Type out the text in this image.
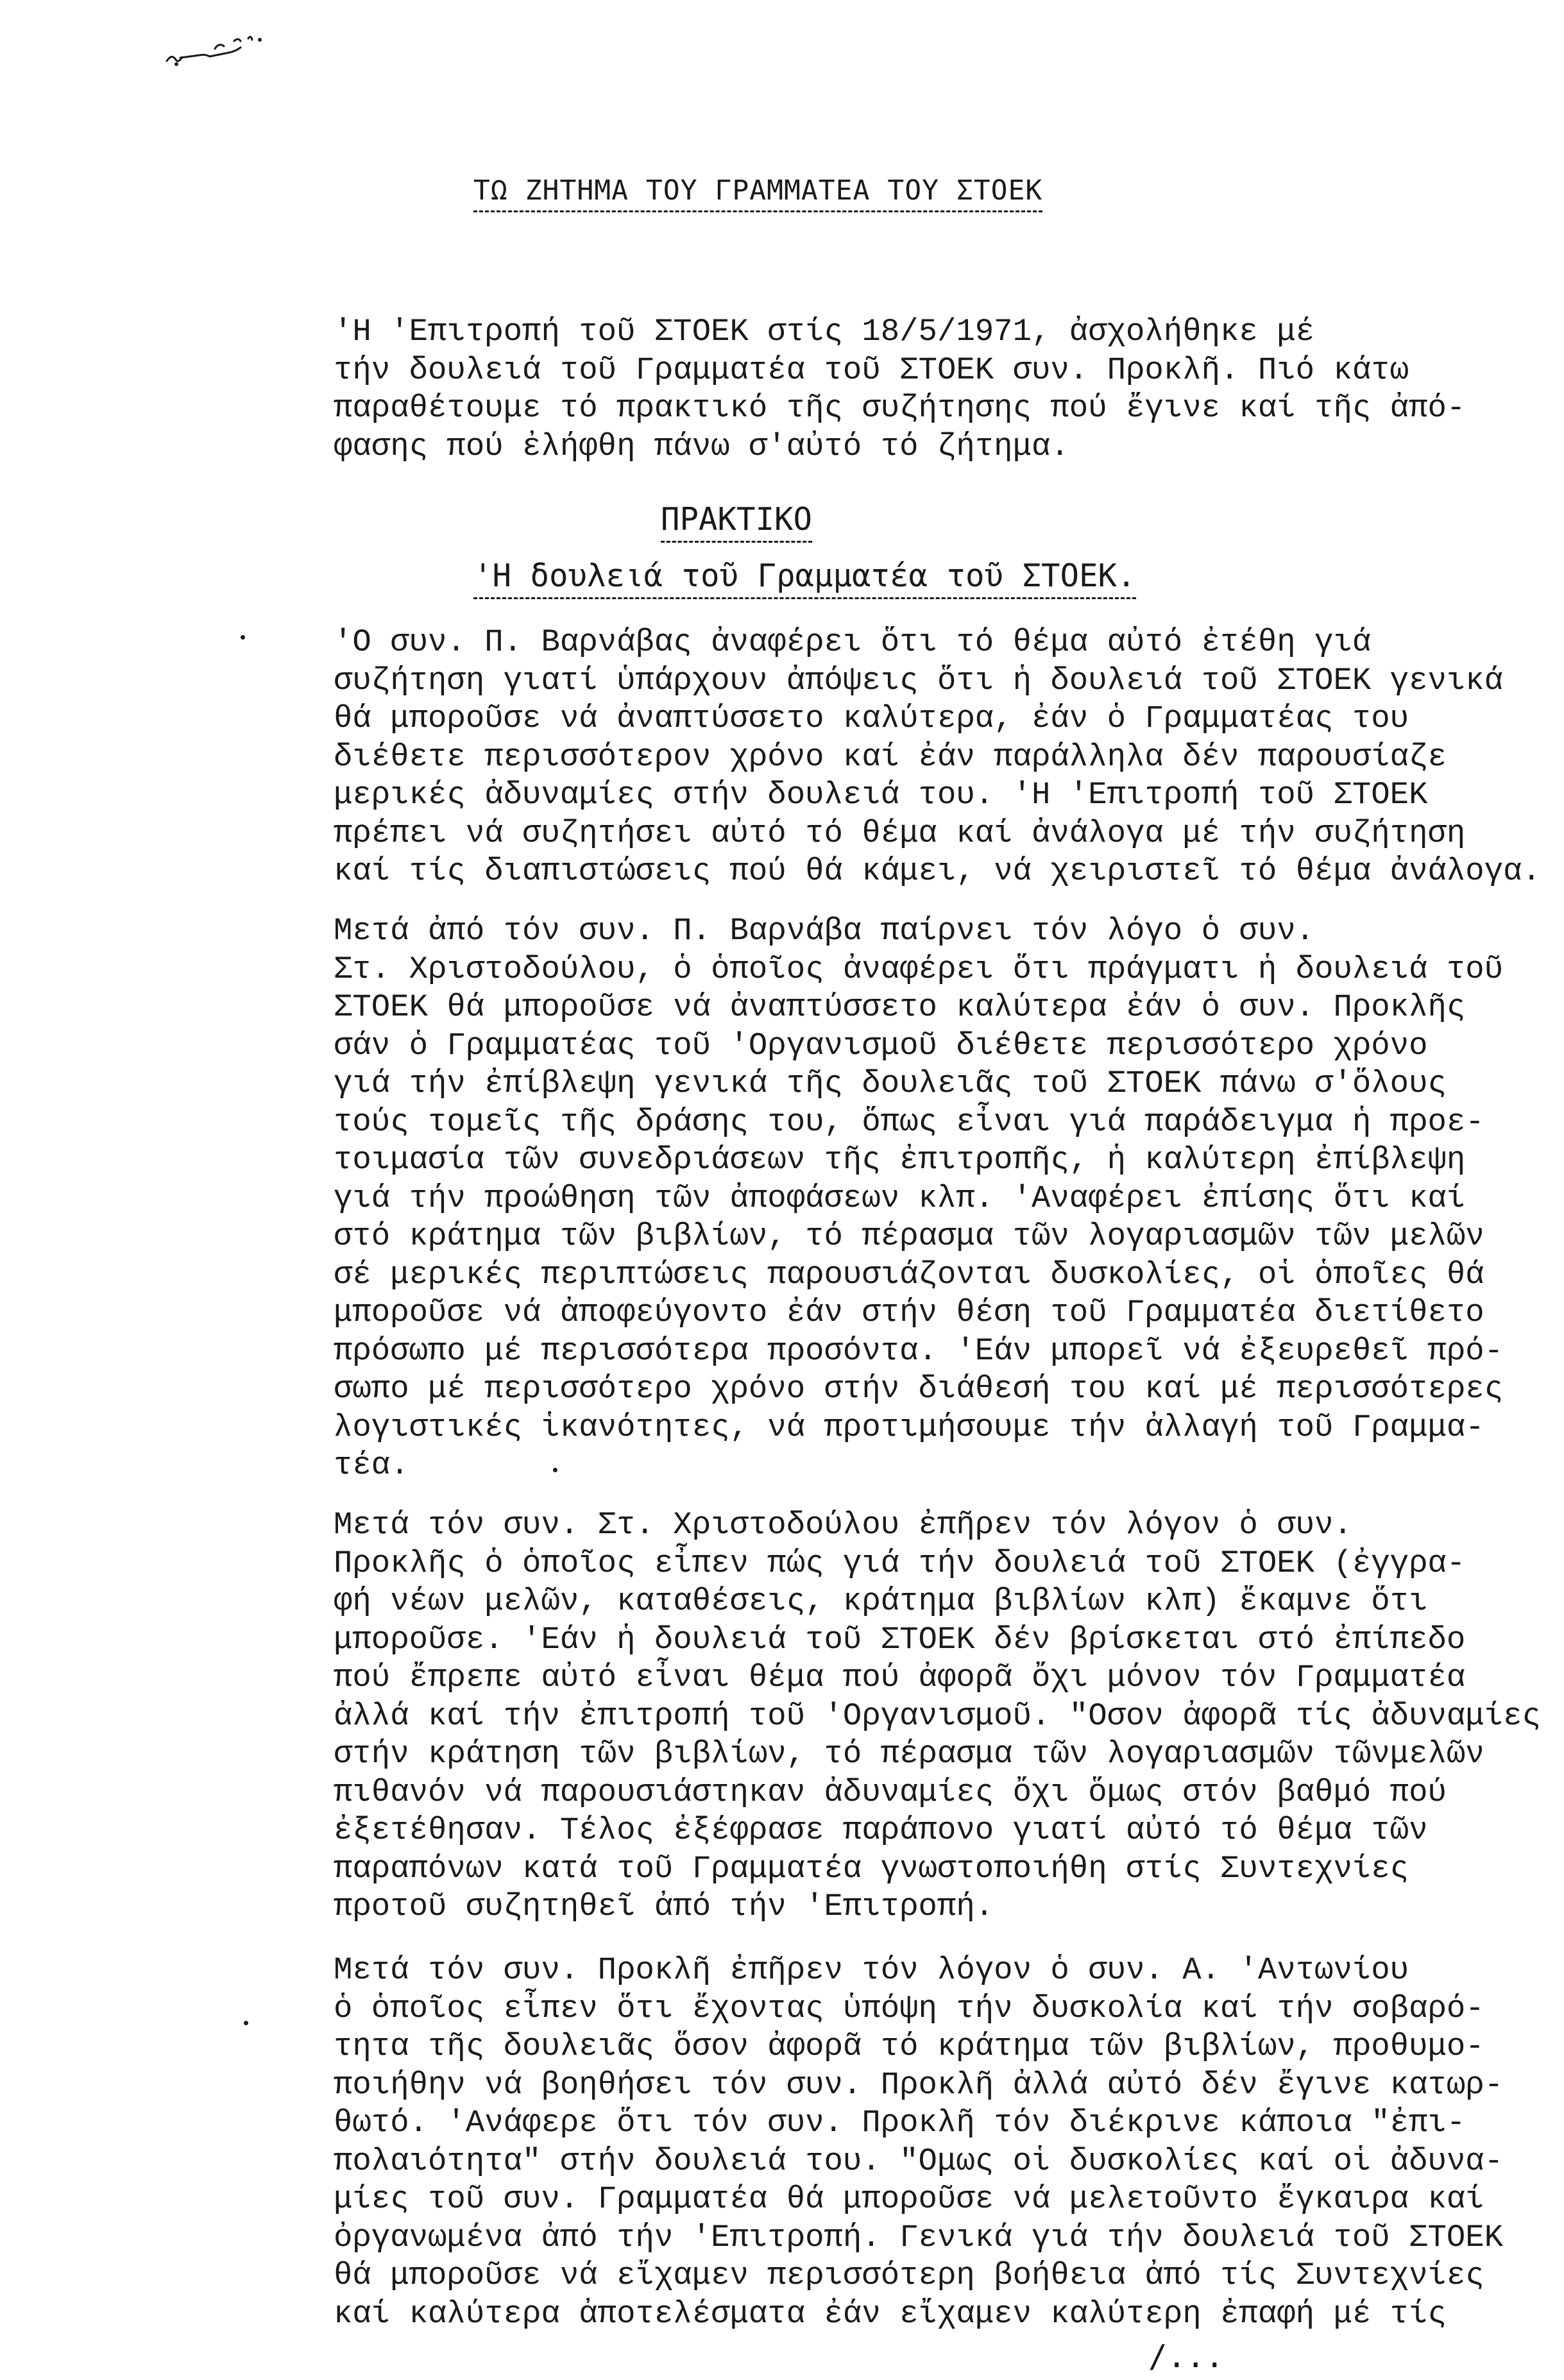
ΤΩ ΖΗΤΗΜΑ ΤΟΥ ΓΡΑΜΜΑΤΕΑ ΤΟΥ ΣΤΟΕΚ
'Η 'Επιτροπή τοῦ ΣΤΟΕΚ στίς 18/5/1971, ἀσχολήθηκε μέ
τήν δουλειά τοῦ Γραμματέα τοῦ ΣΤΟΕΚ συν. Προκλῆ. Πιό κάτω
παραθέτουμε τό πρακτικό τῆς συζήτησης πού ἔγινε καί τῆς ἀπό-
φασης πού ἐλήφθη πάνω σ'αὐτό τό ζήτημα.
ΠΡΑΚΤΙΚΟ
'Η δουλειά τοῦ Γραμματέα τοῦ ΣΤΟΕΚ.
'Ο συν. Π. Βαρνάβας ἀναφέρει ὅτι τό θέμα αὐτό ἐτέθη γιά
συζήτηση γιατί ὑπάρχουν ἀπόψεις ὅτι ἡ δουλειά τοῦ ΣΤΟΕΚ γενικά
θά μποροῦσε νά ἀναπτύσσετο καλύτερα, ἐάν ὁ Γραμματέας του
διέθετε περισσότερον χρόνο καί ἐάν παράλληλα δέν παρουσίαζε
μερικές ἀδυναμίες στήν δουλειά του. 'Η 'Επιτροπή τοῦ ΣΤΟΕΚ
πρέπει νά συζητήσει αὐτό τό θέμα καί ἀνάλογα μέ τήν συζήτηση
καί τίς διαπιστώσεις πού θά κάμει, νά χειριστεῖ τό θέμα ἀνάλογα.
Μετά ἀπό τόν συν. Π. Βαρνάβα παίρνει τόν λόγο ὁ συν.
Στ. Χριστοδούλου, ὁ ὁποῖος ἀναφέρει ὅτι πράγματι ἡ δουλειά τοῦ
ΣΤΟΕΚ θά μποροῦσε νά ἀναπτύσσετο καλύτερα ἐάν ὁ συν. Προκλῆς
σάν ὁ Γραμματέας τοῦ 'Οργανισμοῦ διέθετε περισσότερο χρόνο
γιά τήν ἐπίβλεψη γενικά τῆς δουλειᾶς τοῦ ΣΤΟΕΚ πάνω σ'ὅλους
τούς τομεῖς τῆς δράσης του, ὅπως εἶναι γιά παράδειγμα ἡ προε-
τοιμασία τῶν συνεδριάσεων τῆς ἐπιτροπῆς, ἡ καλύτερη ἐπίβλεψη
γιά τήν προώθηση τῶν ἀποφάσεων κλπ. 'Αναφέρει ἐπίσης ὅτι καί
στό κράτημα τῶν βιβλίων, τό πέρασμα τῶν λογαριασμῶν τῶν μελῶν
σέ μερικές περιπτώσεις παρουσιάζονται δυσκολίες, οἱ ὁποῖες θά
μποροῦσε νά ἀποφεύγοντο ἐάν στήν θέση τοῦ Γραμματέα διετίθετο
πρόσωπο μέ περισσότερα προσόντα. 'Εάν μπορεῖ νά ἐξευρεθεῖ πρό-
σωπο μέ περισσότερο χρόνο στήν διάθεσή του καί μέ περισσότερες
λογιστικές ἱκανότητες, νά προτιμήσουμε τήν ἀλλαγή τοῦ Γραμμα-
τέα.
Μετά τόν συν. Στ. Χριστοδούλου ἐπῆρεν τόν λόγον ὁ συν.
Προκλῆς ὁ ὁποῖος εἶπεν πώς γιά τήν δουλειά τοῦ ΣΤΟΕΚ (ἐγγρα-
φή νέων μελῶν, καταθέσεις, κράτημα βιβλίων κλπ) ἔκαμνε ὅτι
μποροῦσε. 'Εάν ἡ δουλειά τοῦ ΣΤΟΕΚ δέν βρίσκεται στό ἐπίπεδο
πού ἔπρεπε αὐτό εἶναι θέμα πού ἀφορᾶ ὄχι μόνον τόν Γραμματέα
ἀλλά καί τήν ἐπιτροπή τοῦ 'Οργανισμοῦ. "Οσον ἀφορᾶ τίς ἀδυναμίες
στήν κράτηση τῶν βιβλίων, τό πέρασμα τῶν λογαριασμῶν τῶνμελῶν
πιθανόν νά παρουσιάστηκαν ἀδυναμίες ὄχι ὅμως στόν βαθμό πού
ἐξετέθησαν. Τέλος ἐξέφρασε παράπονο γιατί αὐτό τό θέμα τῶν
παραπόνων κατά τοῦ Γραμματέα γνωστοποιήθη στίς Συντεχνίες
προτοῦ συζητηθεῖ ἀπό τήν 'Επιτροπή.
Μετά τόν συν. Προκλῆ ἐπῆρεν τόν λόγον ὁ συν. Α. 'Αντωνίου
ὁ ὁποῖος εἶπεν ὅτι ἔχοντας ὑπόψη τήν δυσκολία καί τήν σοβαρό-
τητα τῆς δουλειᾶς ὅσον ἀφορᾶ τό κράτημα τῶν βιβλίων, προθυμο-
ποιήθην νά βοηθήσει τόν συν. Προκλῆ ἀλλά αὐτό δέν ἔγινε κατωρ-
θωτό. 'Ανάφερε ὅτι τόν συν. Προκλῆ τόν διέκρινε κάποια "ἐπι-
πολαιότητα" στήν δουλειά του. "Ομως οἱ δυσκολίες καί οἱ ἀδυνα-
μίες τοῦ συν. Γραμματέα θά μποροῦσε νά μελετοῦντο ἔγκαιρα καί
ὀργανωμένα ἀπό τήν 'Επιτροπή. Γενικά γιά τήν δουλειά τοῦ ΣΤΟΕΚ
θά μποροῦσε νά εἴχαμεν περισσότερη βοήθεια ἀπό τίς Συντεχνίες
καί καλύτερα ἀποτελέσματα ἐάν εἴχαμεν καλύτερη ἐπαφή μέ τίς
/...
